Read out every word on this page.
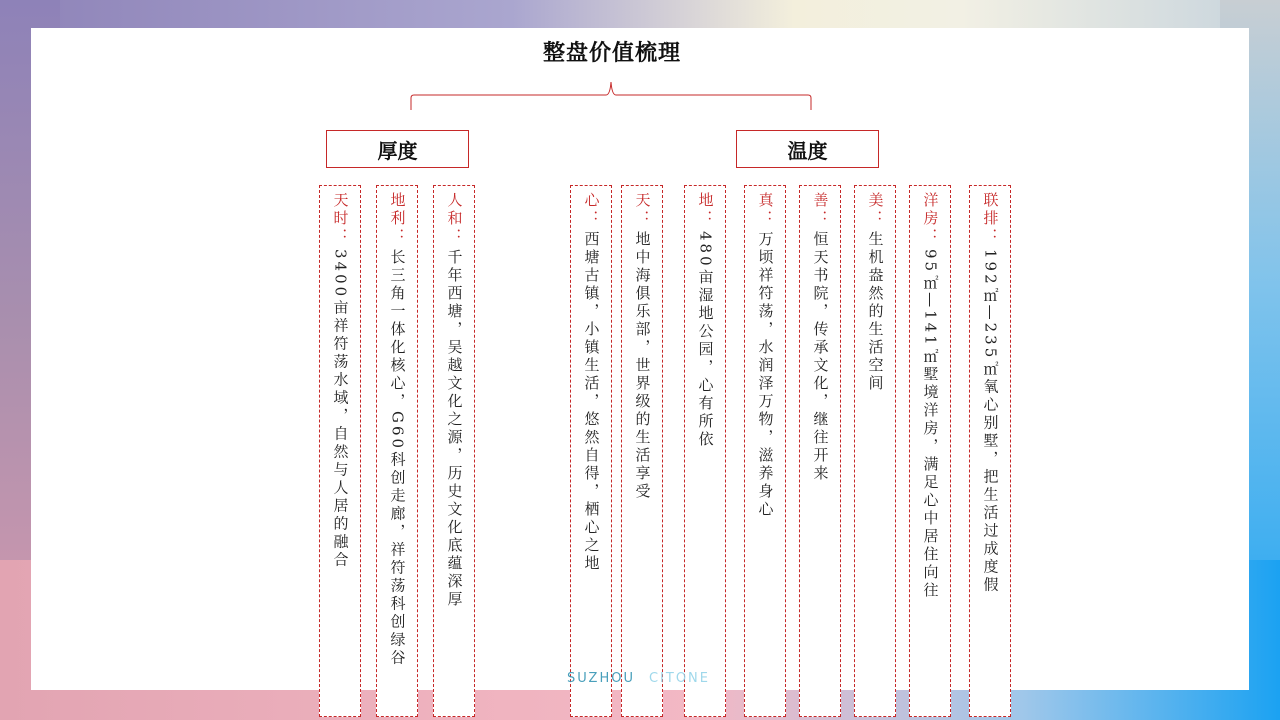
整盘价值梳理
厚度	温度
天时：
3400亩祥符荡水域，自然与人居的融合
地利：
长三角一体化核心，G60科创走廊，祥符荡科创绿谷
人和：
千年西塘，吴越文化之源，历史文化底蕴深厚
心：
西塘古镇，小镇生活，悠然自得，栖心之地
天：
地中海俱乐部，世界级的生活享受
地：
480亩湿地公园，心有所依
真：
万顷祥符荡，水润泽万物，滋养身心
善：
恒天书院，传承文化，继往开来
美：
生机盎然的生活空间
洋房：
95㎡—141㎡墅境洋房，满足心中居住向往
联排：
192㎡—235㎡氧心别墅，把生活过成度假
SUZHOU CITONE
